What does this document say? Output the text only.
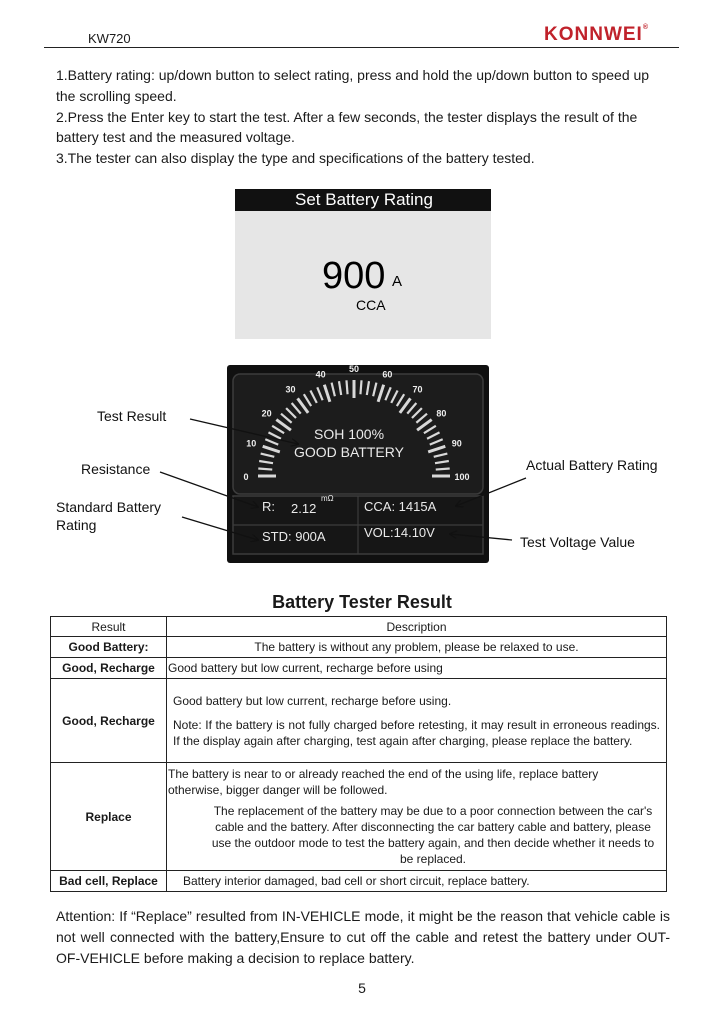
KW720	KONNWEI®

1.Battery rating: up/down button to select rating, press and hold the up/down button to speed up the scrolling speed.

2.Press the Enter key to start the test. After a few seconds, the tester displays the result of the battery test and the measured voltage.

3.The tester can also display the type and specifications of the battery tested.

Set Battery Rating
900 A
CCA
0
10
20
30
40
50
60
70
80
90
100
SOH 100%
GOOD BATTERY
R: 2.12
mΩ
CCA: 1415A
STD: 900A	VOL:14.10V
Test Result
Resistance
Standard Battery Rating
Actual Battery Rating
Test Voltage Value
Battery Tester Result
Result	Description
Good Battery:	The battery is without any problem, please be relaxed to use.
Good, Recharge	Good battery but low current, recharge before using
Good, Recharge	Good battery but low current, recharge before using.
Note: If the battery is not fully charged before retesting, it may result in erroneous readings. If the display again after charging, test again after charging, please replace the battery.

Replace	The battery is near to or already reached the end of the using life, replace battery otherwise, bigger danger will be followed.
The replacement of the battery may be due to a poor connection between the car's cable and the battery. After disconnecting the car battery cable and battery, please use the outdoor mode to test the battery again, and then decide whether it needs to be replaced.

Bad cell, Replace	Battery interior damaged, bad cell or short circuit, replace battery.
Attention: If “Replace” resulted from IN-VEHICLE mode, it might be the reason that vehicle cable is not well connected with the battery,Ensure to cut off the cable and retest the battery under OUT-OF-VEHICLE before making a decision to replace battery.
5
